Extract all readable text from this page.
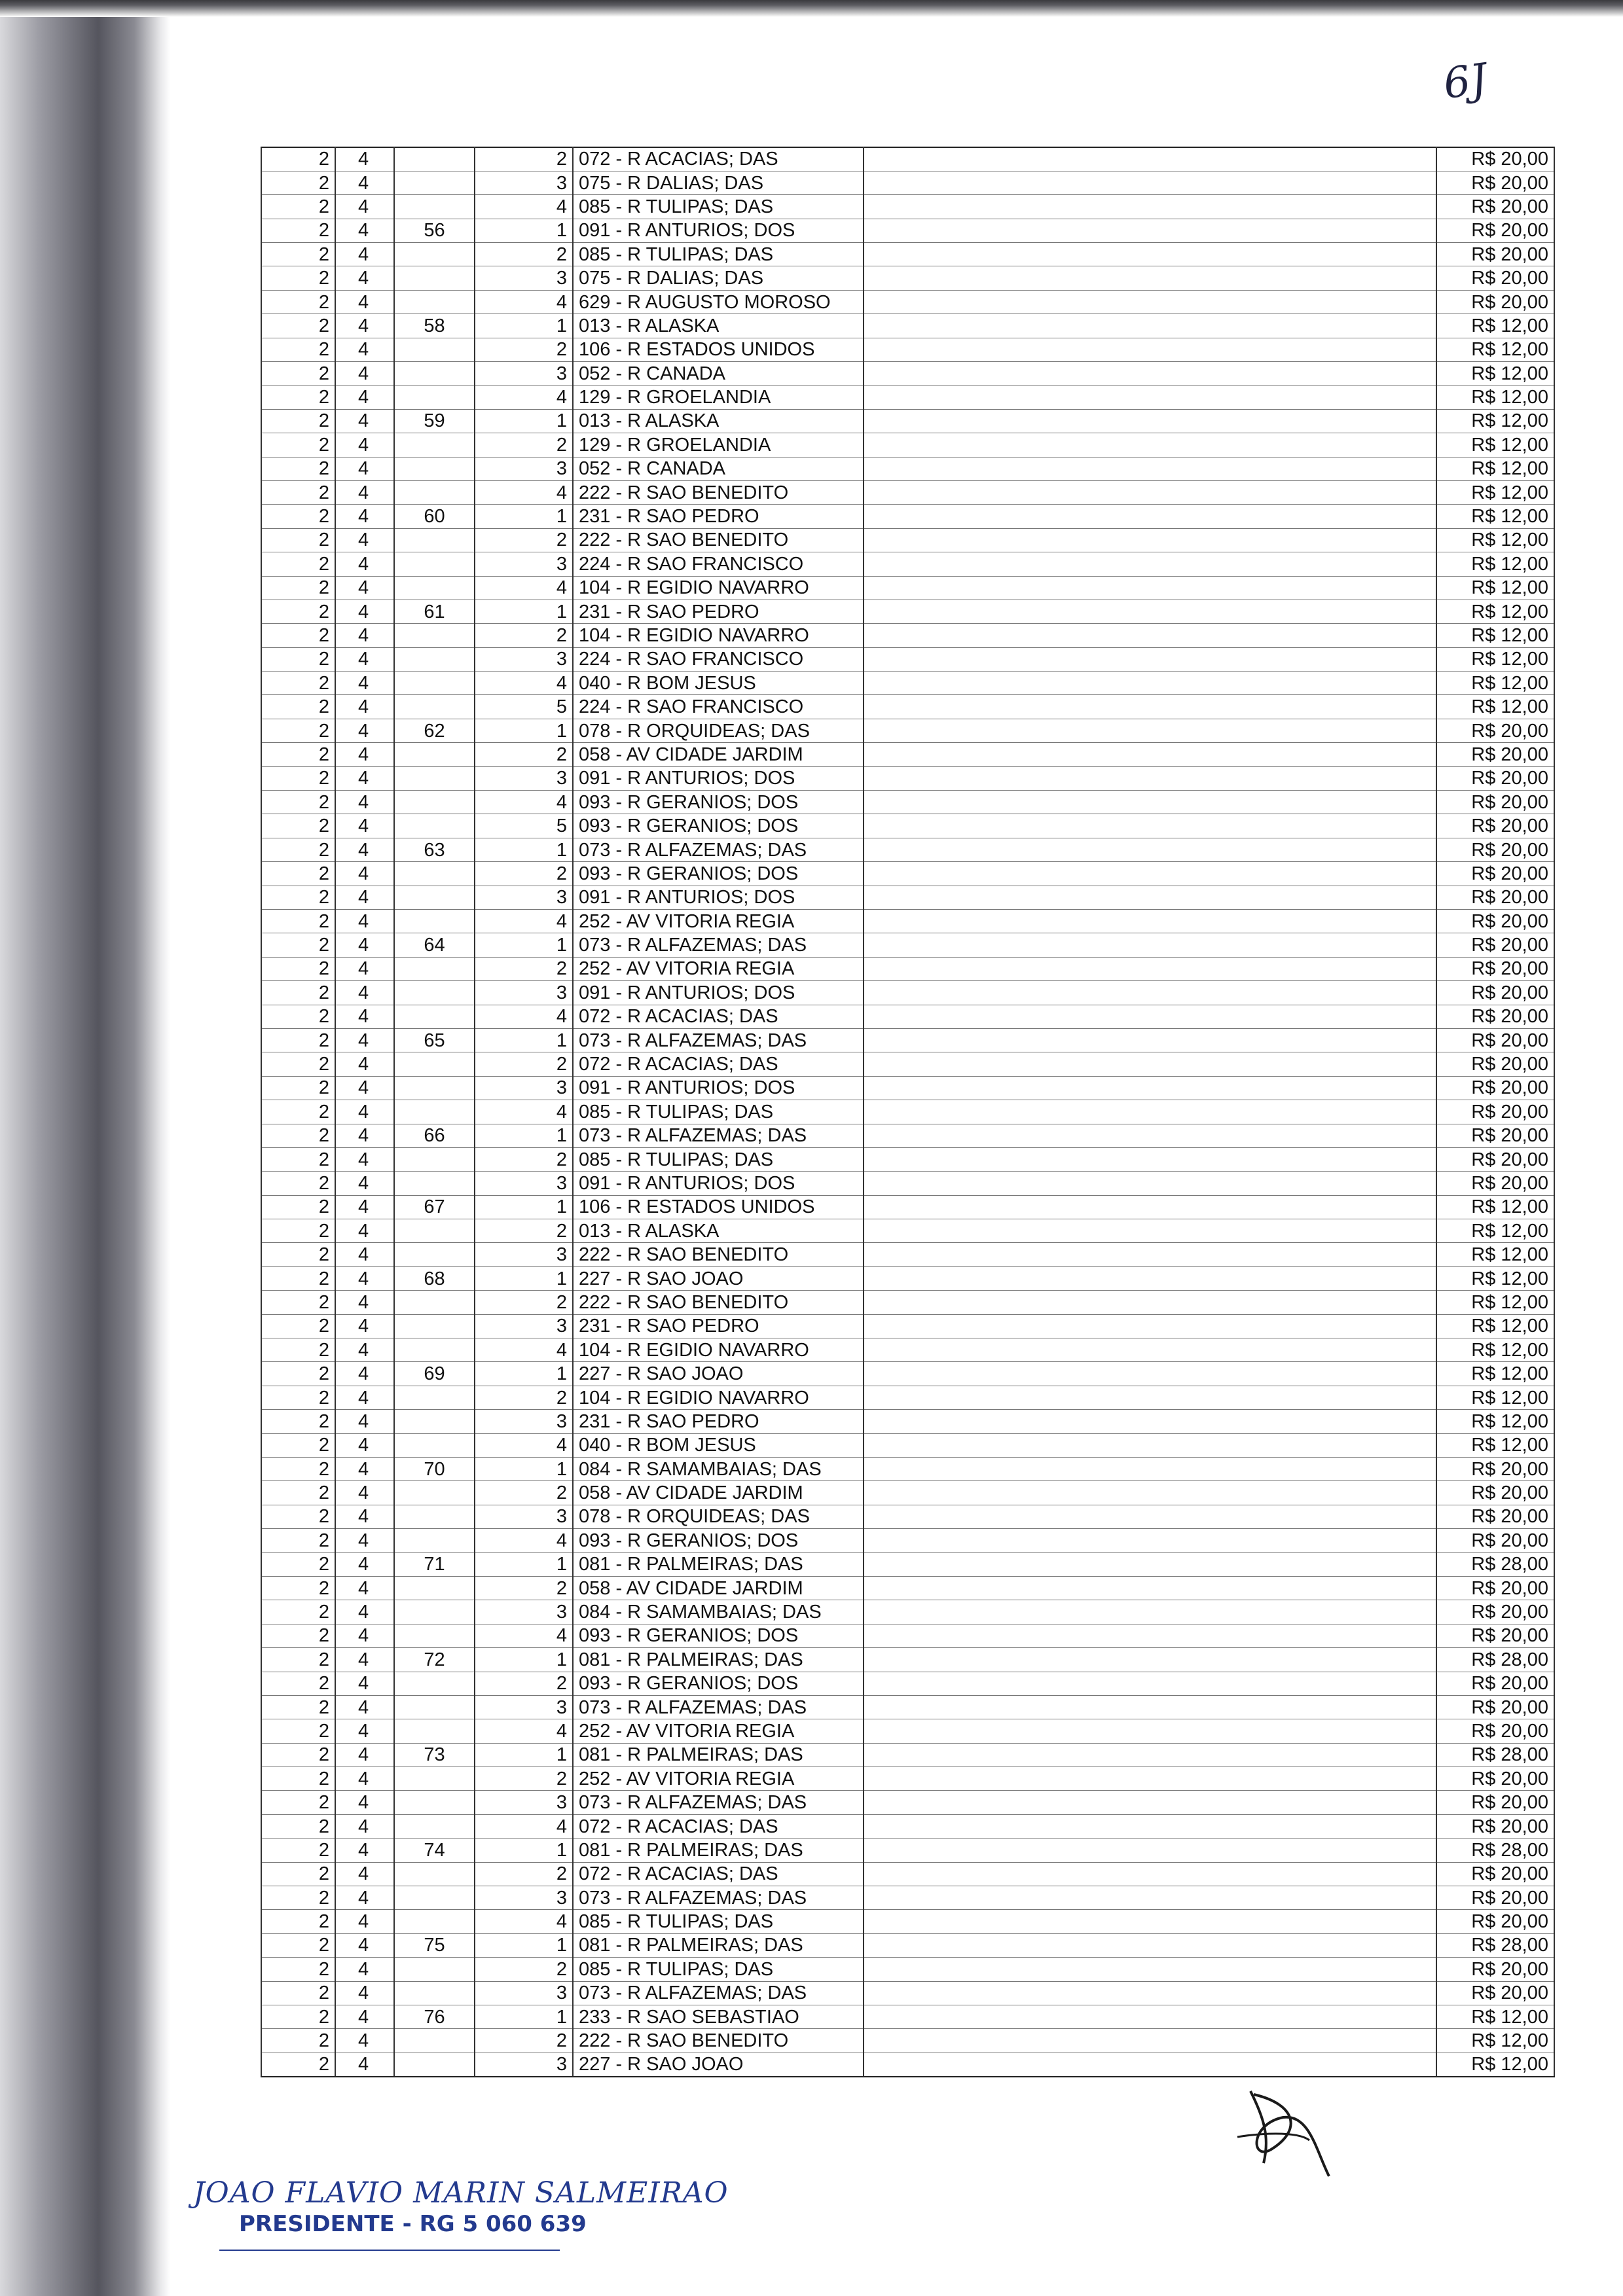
6J
2	4		2	072 - R ACACIAS; DAS		R$ 20,00
2	4		3	075 - R DALIAS; DAS		R$ 20,00
2	4		4	085 - R TULIPAS; DAS		R$ 20,00
2	4	56	1	091 - R ANTURIOS; DOS		R$ 20,00
2	4		2	085 - R TULIPAS; DAS		R$ 20,00
2	4		3	075 - R DALIAS; DAS		R$ 20,00
2	4		4	629 - R AUGUSTO MOROSO		R$ 20,00
2	4	58	1	013 - R ALASKA		R$ 12,00
2	4		2	106 - R ESTADOS UNIDOS		R$ 12,00
2	4		3	052 - R CANADA		R$ 12,00
2	4		4	129 - R GROELANDIA		R$ 12,00
2	4	59	1	013 - R ALASKA		R$ 12,00
2	4		2	129 - R GROELANDIA		R$ 12,00
2	4		3	052 - R CANADA		R$ 12,00
2	4		4	222 - R SAO BENEDITO		R$ 12,00
2	4	60	1	231 - R SAO PEDRO		R$ 12,00
2	4		2	222 - R SAO BENEDITO		R$ 12,00
2	4		3	224 - R SAO FRANCISCO		R$ 12,00
2	4		4	104 - R EGIDIO NAVARRO		R$ 12,00
2	4	61	1	231 - R SAO PEDRO		R$ 12,00
2	4		2	104 - R EGIDIO NAVARRO		R$ 12,00
2	4		3	224 - R SAO FRANCISCO		R$ 12,00
2	4		4	040 - R BOM JESUS		R$ 12,00
2	4		5	224 - R SAO FRANCISCO		R$ 12,00
2	4	62	1	078 - R ORQUIDEAS; DAS		R$ 20,00
2	4		2	058 - AV CIDADE JARDIM		R$ 20,00
2	4		3	091 - R ANTURIOS; DOS		R$ 20,00
2	4		4	093 - R GERANIOS; DOS		R$ 20,00
2	4		5	093 - R GERANIOS; DOS		R$ 20,00
2	4	63	1	073 - R ALFAZEMAS; DAS		R$ 20,00
2	4		2	093 - R GERANIOS; DOS		R$ 20,00
2	4		3	091 - R ANTURIOS; DOS		R$ 20,00
2	4		4	252 - AV VITORIA REGIA		R$ 20,00
2	4	64	1	073 - R ALFAZEMAS; DAS		R$ 20,00
2	4		2	252 - AV VITORIA REGIA		R$ 20,00
2	4		3	091 - R ANTURIOS; DOS		R$ 20,00
2	4		4	072 - R ACACIAS; DAS		R$ 20,00
2	4	65	1	073 - R ALFAZEMAS; DAS		R$ 20,00
2	4		2	072 - R ACACIAS; DAS		R$ 20,00
2	4		3	091 - R ANTURIOS; DOS		R$ 20,00
2	4		4	085 - R TULIPAS; DAS		R$ 20,00
2	4	66	1	073 - R ALFAZEMAS; DAS		R$ 20,00
2	4		2	085 - R TULIPAS; DAS		R$ 20,00
2	4		3	091 - R ANTURIOS; DOS		R$ 20,00
2	4	67	1	106 - R ESTADOS UNIDOS		R$ 12,00
2	4		2	013 - R ALASKA		R$ 12,00
2	4		3	222 - R SAO BENEDITO		R$ 12,00
2	4	68	1	227 - R SAO JOAO		R$ 12,00
2	4		2	222 - R SAO BENEDITO		R$ 12,00
2	4		3	231 - R SAO PEDRO		R$ 12,00
2	4		4	104 - R EGIDIO NAVARRO		R$ 12,00
2	4	69	1	227 - R SAO JOAO		R$ 12,00
2	4		2	104 - R EGIDIO NAVARRO		R$ 12,00
2	4		3	231 - R SAO PEDRO		R$ 12,00
2	4		4	040 - R BOM JESUS		R$ 12,00
2	4	70	1	084 - R SAMAMBAIAS; DAS		R$ 20,00
2	4		2	058 - AV CIDADE JARDIM		R$ 20,00
2	4		3	078 - R ORQUIDEAS; DAS		R$ 20,00
2	4		4	093 - R GERANIOS; DOS		R$ 20,00
2	4	71	1	081 - R PALMEIRAS; DAS		R$ 28,00
2	4		2	058 - AV CIDADE JARDIM		R$ 20,00
2	4		3	084 - R SAMAMBAIAS; DAS		R$ 20,00
2	4		4	093 - R GERANIOS; DOS		R$ 20,00
2	4	72	1	081 - R PALMEIRAS; DAS		R$ 28,00
2	4		2	093 - R GERANIOS; DOS		R$ 20,00
2	4		3	073 - R ALFAZEMAS; DAS		R$ 20,00
2	4		4	252 - AV VITORIA REGIA		R$ 20,00
2	4	73	1	081 - R PALMEIRAS; DAS		R$ 28,00
2	4		2	252 - AV VITORIA REGIA		R$ 20,00
2	4		3	073 - R ALFAZEMAS; DAS		R$ 20,00
2	4		4	072 - R ACACIAS; DAS		R$ 20,00
2	4	74	1	081 - R PALMEIRAS; DAS		R$ 28,00
2	4		2	072 - R ACACIAS; DAS		R$ 20,00
2	4		3	073 - R ALFAZEMAS; DAS		R$ 20,00
2	4		4	085 - R TULIPAS; DAS		R$ 20,00
2	4	75	1	081 - R PALMEIRAS; DAS		R$ 28,00
2	4		2	085 - R TULIPAS; DAS		R$ 20,00
2	4		3	073 - R ALFAZEMAS; DAS		R$ 20,00
2	4	76	1	233 - R SAO SEBASTIAO		R$ 12,00
2	4		2	222 - R SAO BENEDITO		R$ 12,00
2	4		3	227 - R SAO JOAO		R$ 12,00
JOAO FLAVIO MARIN SALMEIRAO
PRESIDENTE - RG 5 060 639
